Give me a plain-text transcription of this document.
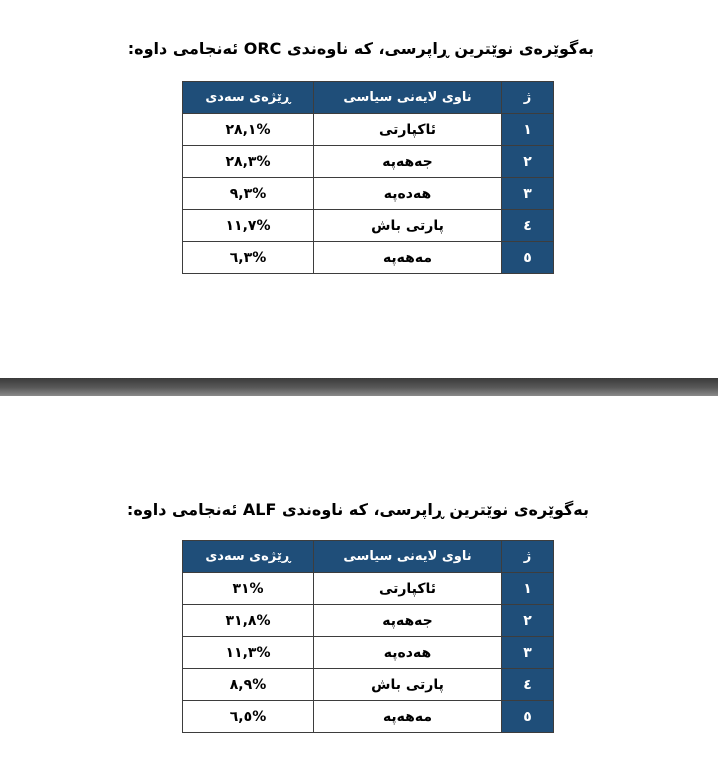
بەگوێرەی نوێترین ڕاپرسی، کە ناوەندی ORC ئەنجامی داوە:
ژ	ناوی لایەنی سیاسی	ڕێژەی سەدی
١	ئاکپارتی	%٢٨,١
٢	جەهەپە	%٢٨,٣
٣	هەدەپە	%٩,٣
٤	پارتی باش	%١١,٧
٥	مەهەپە	%٦,٣
بەگوێرەی نوێترین ڕاپرسی، کە ناوەندی ALF ئەنجامی داوە:
ژ	ناوی لایەنی سیاسی	ڕێژەی سەدی
١	ئاکپارتی	%٣١
٢	جەهەپە	%٣١,٨
٣	هەدەپە	%١١,٣
٤	پارتی باش	%٨,٩
٥	مەهەپە	%٦,٥
